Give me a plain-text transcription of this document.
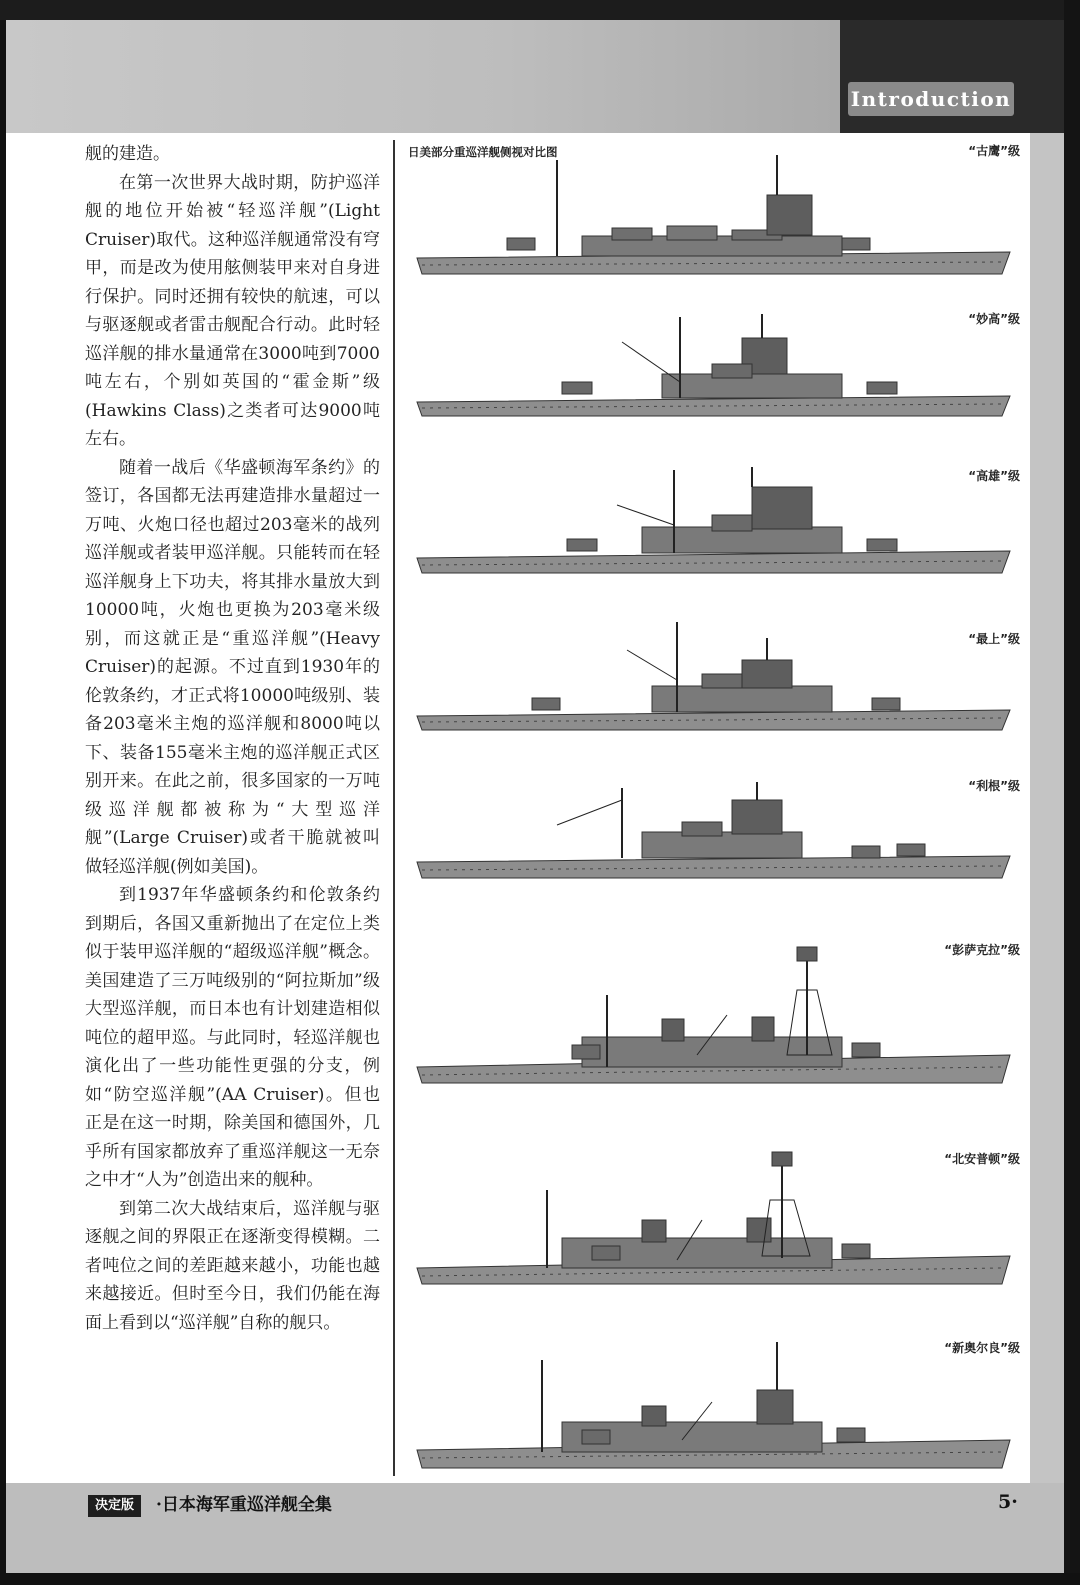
Introduction

舰的建造。

在第一次世界大战时期，防护巡洋舰的地位开始被“轻巡洋舰”(Light Cruiser)取代。这种巡洋舰通常没有穹甲，而是改为使用舷侧装甲来对自身进行保护。同时还拥有较快的航速，可以与驱逐舰或者雷击舰配合行动。此时轻巡洋舰的排水量通常在3000吨到7000吨左右，个别如英国的“霍金斯”级(Hawkins Class)之类者可达9000吨左右。

随着一战后《华盛顿海军条约》的签订，各国都无法再建造排水量超过一万吨、火炮口径也超过203毫米的战列巡洋舰或者装甲巡洋舰。只能转而在轻巡洋舰身上下功夫，将其排水量放大到10000吨，火炮也更换为203毫米级别，而这就正是“重巡洋舰”(Heavy Cruiser)的起源。不过直到1930年的伦敦条约，才正式将10000吨级别、装备203毫米主炮的巡洋舰和8000吨以下、装备155毫米主炮的巡洋舰正式区别开来。在此之前，很多国家的一万吨级巡洋舰都被称为“大型巡洋舰”(Large Cruiser)或者干脆就被叫做轻巡洋舰(例如美国)。

到1937年华盛顿条约和伦敦条约到期后，各国又重新抛出了在定位上类似于装甲巡洋舰的“超级巡洋舰”概念。美国建造了三万吨级别的“阿拉斯加”级大型巡洋舰，而日本也有计划建造相似吨位的超甲巡。与此同时，轻巡洋舰也演化出了一些功能性更强的分支，例如“防空巡洋舰”(AA Cruiser)。但也正是在这一时期，除美国和德国外，几乎所有国家都放弃了重巡洋舰这一无奈之中才“人为”创造出来的舰种。

到第二次大战结束后，巡洋舰与驱逐舰之间的界限正在逐渐变得模糊。二者吨位之间的差距越来越小，功能也越来越接近。但时至今日，我们仍能在海面上看到以“巡洋舰”自称的舰只。

日美部分重巡洋舰侧视对比图	“古鹰”级
“妙高”级
“高雄”级
“最上”级
“利根”级
“彭萨克拉”级
“北安普顿”级
“新奥尔良”级
决定版	·日本海军重巡洋舰全集	5·
